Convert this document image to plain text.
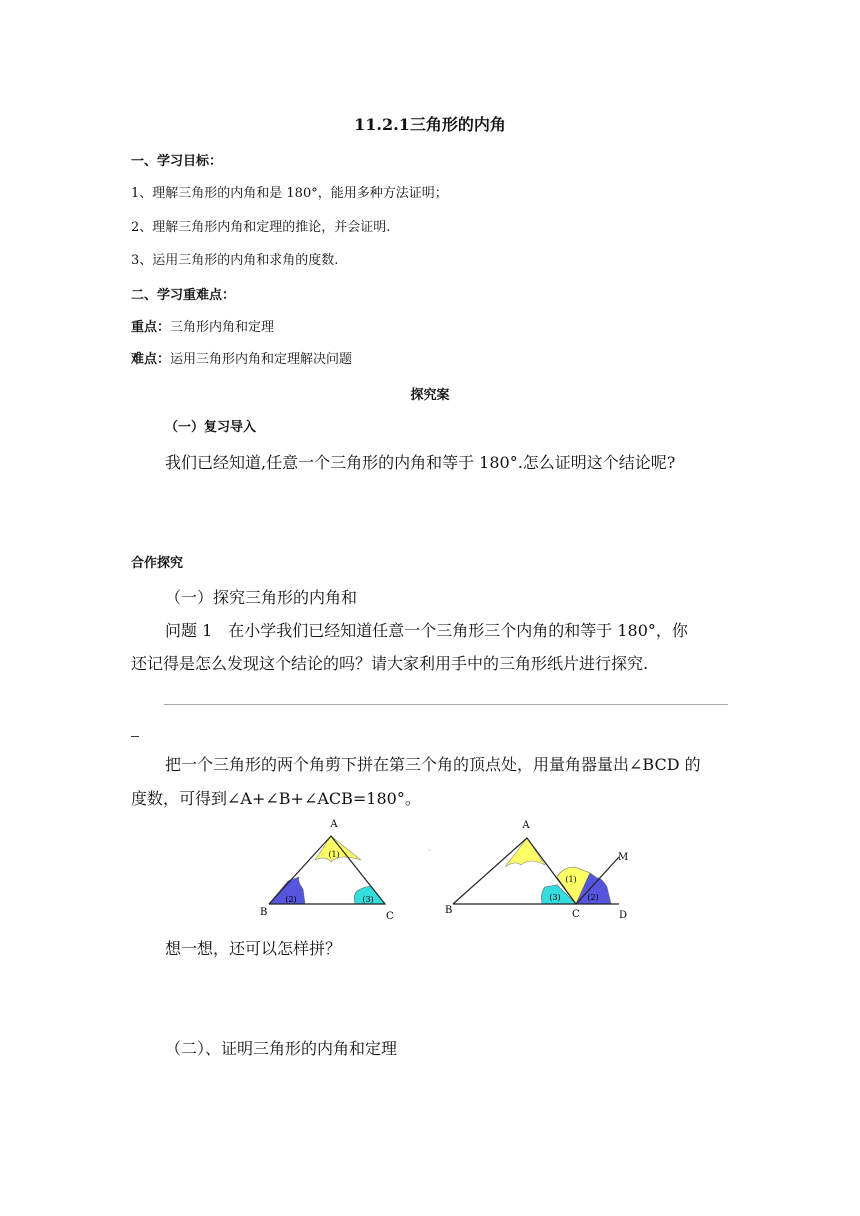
11.2.1三角形的内角
一、学习目标：
1、理解三角形的内角和是 180°，能用多种方法证明；
2、理解三角形内角和定理的推论，并会证明.
3、运用三角形的内角和求角的度数.
二、学习重难点：
重点：三角形内角和定理
难点：运用三角形内角和定理解决问题
探究案
（一）复习导入
我们已经知道,任意一个三角形的内角和等于 180°.怎么证明这个结论呢?
合作探究
（一）探究三角形的内角和
问题 1　在小学我们已经知道任意一个三角形三个内角的和等于 180°，你
还记得是怎么发现这个结论的吗？请大家利用手中的三角形纸片进行探究.
把一个三角形的两个角剪下拼在第三个角的顶点处，用量角器量出∠BCD 的
度数，可得到∠A+∠B+∠ACB=180°。
A
B	C
(1)
(2)	(3)
·
A
B	C	D
M
(1)
(2)
(3)
想一想，还可以怎样拼？
（二）、证明三角形的内角和定理
